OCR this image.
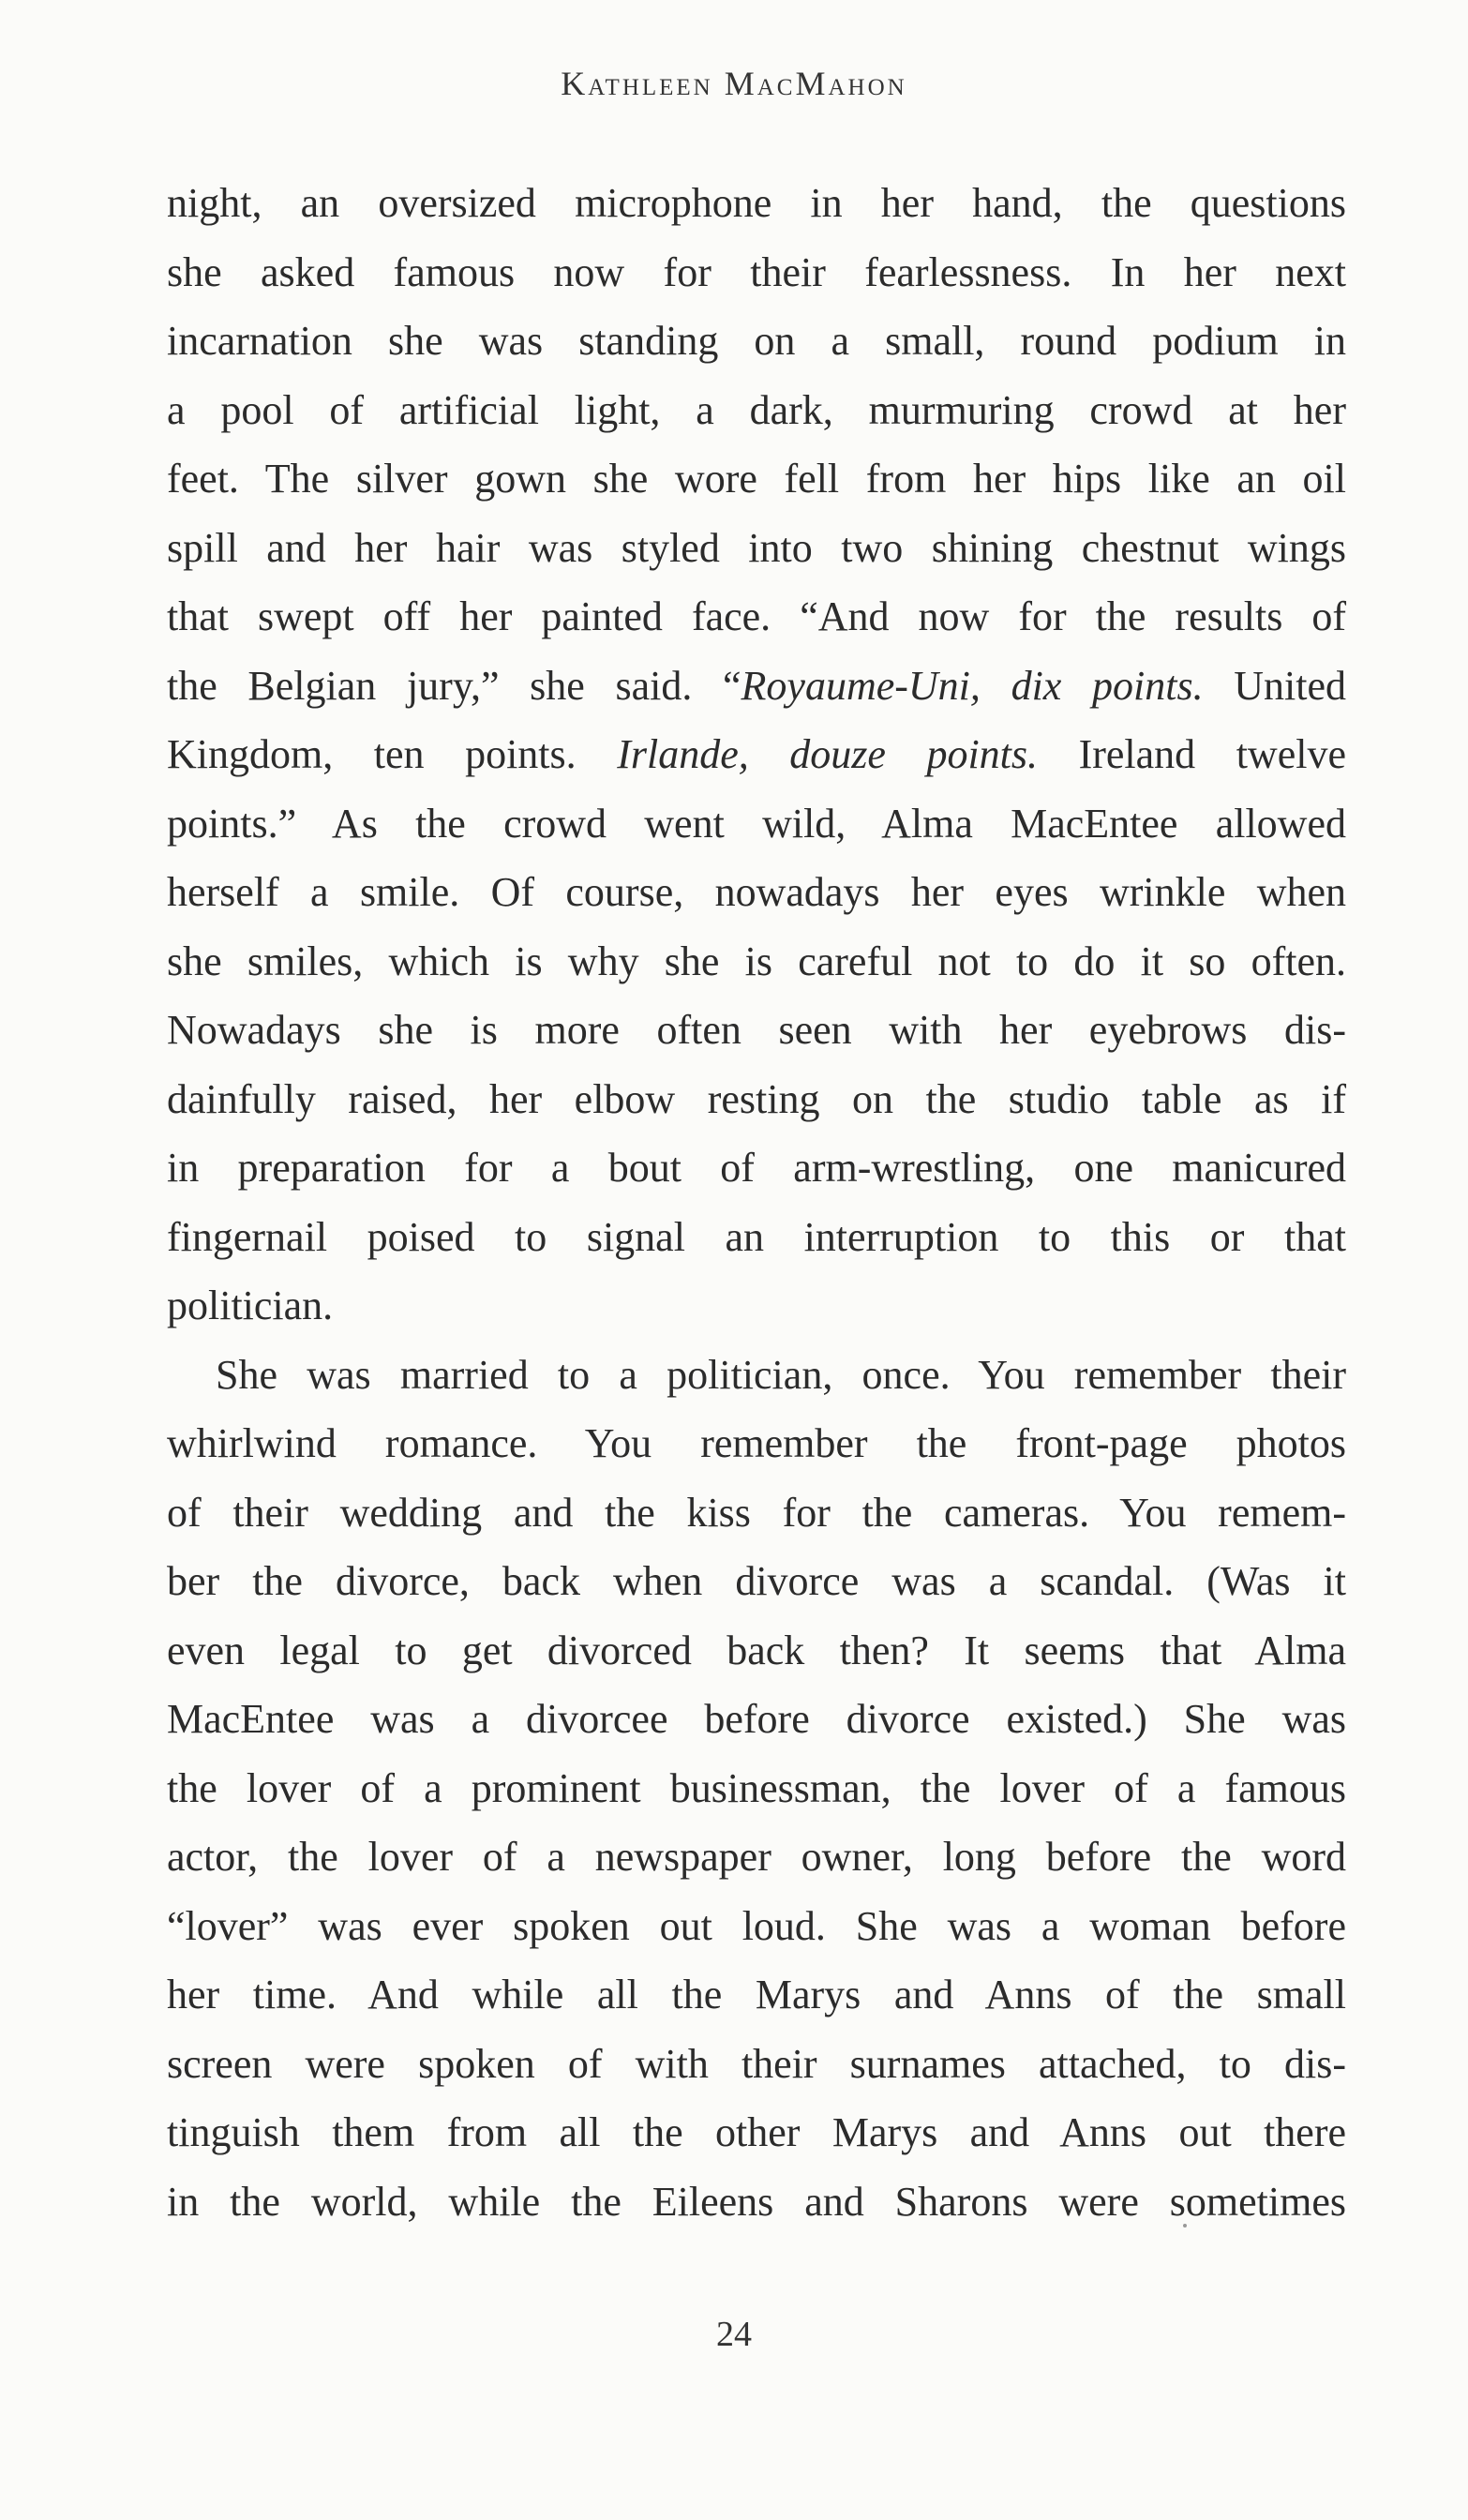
Kathleen MacMahon
night, an oversized microphone in her hand, the questions
she asked famous now for their fearlessness. In her next
incarnation she was standing on a small, round podium in
a pool of artificial light, a dark, murmuring crowd at her
feet. The silver gown she wore fell from her hips like an oil
spill and her hair was styled into two shining chestnut wings
that swept off her painted face. “And now for the results of
the Belgian jury,” she said. “Royaume-Uni, dix points. United
Kingdom, ten points. Irlande, douze points. Ireland twelve
points.” As the crowd went wild, Alma MacEntee allowed
herself a smile. Of course, nowadays her eyes wrinkle when
she smiles, which is why she is careful not to do it so often.
Nowadays she is more often seen with her eyebrows dis-
dainfully raised, her elbow resting on the studio table as if
in preparation for a bout of arm-wrestling, one manicured
fingernail poised to signal an interruption to this or that
politician.
She was married to a politician, once. You remember their
whirlwind romance. You remember the front-page photos
of their wedding and the kiss for the cameras. You remem-
ber the divorce, back when divorce was a scandal. (Was it
even legal to get divorced back then? It seems that Alma
MacEntee was a divorcee before divorce existed.) She was
the lover of a prominent businessman, the lover of a famous
actor, the lover of a newspaper owner, long before the word
“lover” was ever spoken out loud. She was a woman before
her time. And while all the Marys and Anns of the small
screen were spoken of with their surnames attached, to dis-
tinguish them from all the other Marys and Anns out there
in the world, while the Eileens and Sharons were sometimes
24
